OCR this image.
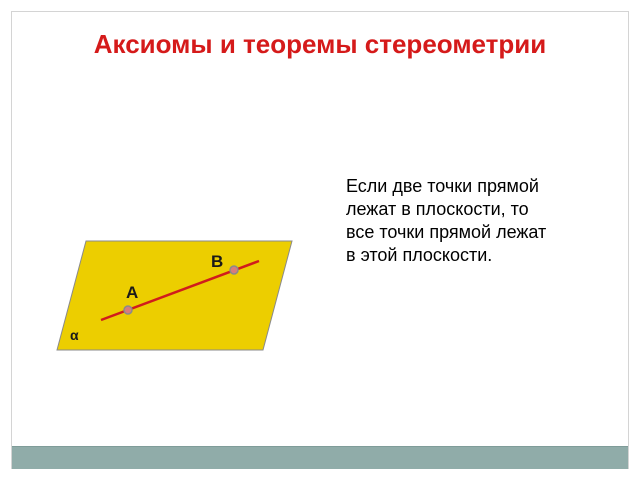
Аксиомы и теоремы стереометрии
Если две точки прямой
лежат в плоскости, то
все точки прямой лежат
в этой плоскости.
B
A
α
